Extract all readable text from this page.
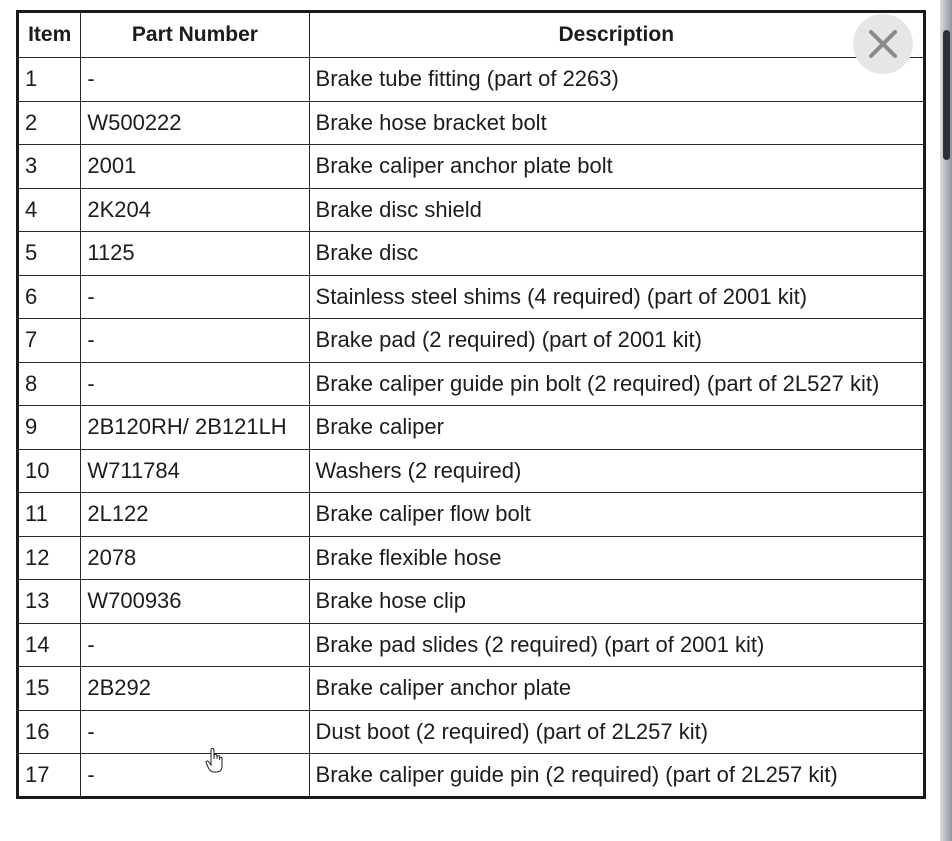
Item	Part Number	Description
1	-	Brake tube fitting (part of 2263)
2	W500222	Brake hose bracket bolt
3	2001	Brake caliper anchor plate bolt
4	2K204	Brake disc shield
5	1125	Brake disc
6	-	Stainless steel shims (4 required) (part of 2001 kit)
7	-	Brake pad (2 required) (part of 2001 kit)
8	-	Brake caliper guide pin bolt (2 required) (part of 2L527 kit)
9	2B120RH/ 2B121LH	Brake caliper
10	W711784	Washers (2 required)
11	2L122	Brake caliper flow bolt
12	2078	Brake flexible hose
13	W700936	Brake hose clip
14	-	Brake pad slides (2 required) (part of 2001 kit)
15	2B292	Brake caliper anchor plate
16	-	Dust boot (2 required) (part of 2L257 kit)
17	-	Brake caliper guide pin (2 required) (part of 2L257 kit)
